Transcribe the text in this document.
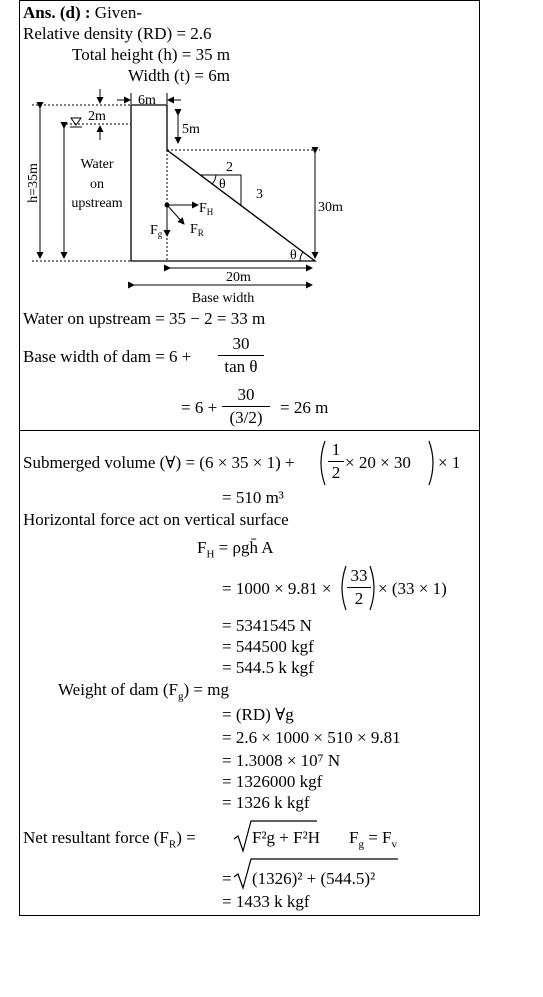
Ans. (d) : Given-
Relative density (RD) = 2.6
Total height (h) = 35 m
Width (t) = 6m
h=35m
2m
6m
5m
Water
on
upstream
2
θ
3
30m
θ
$F_H$
$F_g$ $F_R$
20m
Base width
Water on upstream = 35 − 2 = 33 m
Base width of dam = 6 +
30
tan θ
= 6 +
30
(3/2)
= 26 m
Submerged volume (∀) = (6 × 35 × 1) +
1
2
× 20 × 30 × 1
= 510 m³
Horizontal force act on vertical surface
$F_H$ = ρgh̄ A
= 1000 × 9.81 ×
33
2
× (33 × 1)
= 5341545 N
= 544500 kgf
= 544.5 k kgf
Weight of dam $(F_g)$ = mg
= (RD) ∀g
= 2.6 × 1000 × 510 × 9.81
= 1.3008 × 10⁷ N
= 1326000 kgf
= 1326 k kgf
Net resultant force $(F_R)$ =	F²g + F²H $F_g = F_v$
= (1326)² + (544.5)²
= 1433 k kgf
